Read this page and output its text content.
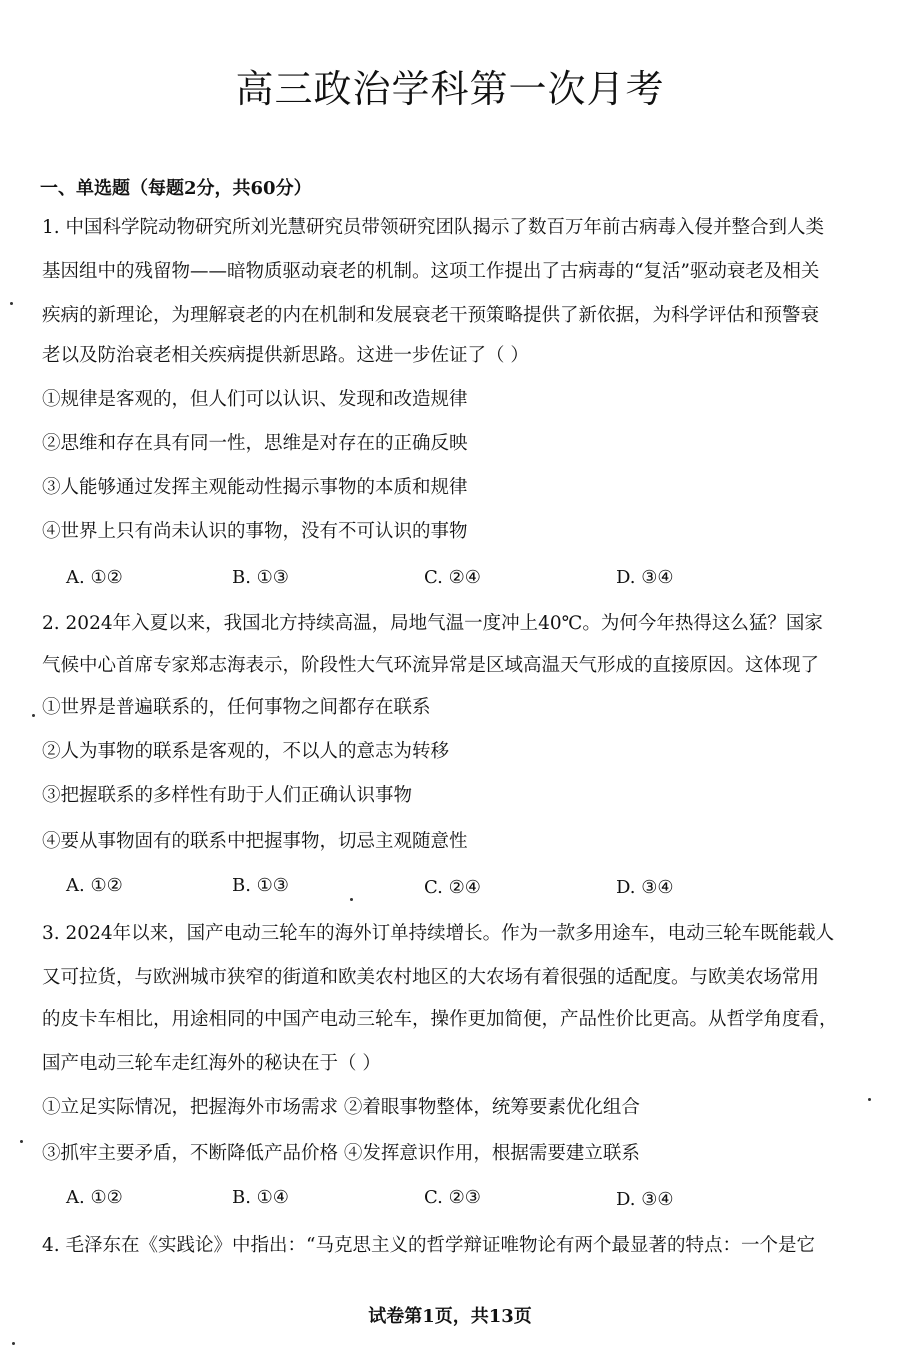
高三政治学科第一次月考
一、单选题（每题2分，共60分）
1. 中国科学院动物研究所刘光慧研究员带领研究团队揭示了数百万年前古病毒入侵并整合到人类
基因组中的残留物——暗物质驱动衰老的机制。这项工作提出了古病毒的“复活”驱动衰老及相关
疾病的新理论，为理解衰老的内在机制和发展衰老干预策略提供了新依据，为科学评估和预警衰
老以及防治衰老相关疾病提供新思路。这进一步佐证了（ ）
①规律是客观的，但人们可以认识、发现和改造规律
②思维和存在具有同一性，思维是对存在的正确反映
③人能够通过发挥主观能动性揭示事物的本质和规律
④世界上只有尚未认识的事物，没有不可认识的事物
A. ①②	B. ①③	C. ②④	D. ③④
2. 2024年入夏以来，我国北方持续高温，局地气温一度冲上40℃。为何今年热得这么猛？国家
气候中心首席专家郑志海表示，阶段性大气环流异常是区域高温天气形成的直接原因。这体现了
①世界是普遍联系的，任何事物之间都存在联系
②人为事物的联系是客观的，不以人的意志为转移
③把握联系的多样性有助于人们正确认识事物
④要从事物固有的联系中把握事物，切忌主观随意性
A. ①②	B. ①③	C. ②④	D. ③④
3. 2024年以来，国产电动三轮车的海外订单持续增长。作为一款多用途车，电动三轮车既能载人
又可拉货，与欧洲城市狭窄的街道和欧美农村地区的大农场有着很强的适配度。与欧美农场常用
的皮卡车相比，用途相同的中国产电动三轮车，操作更加简便，产品性价比更高。从哲学角度看，
国产电动三轮车走红海外的秘诀在于（ ）
①立足实际情况，把握海外市场需求 ②着眼事物整体，统筹要素优化组合
③抓牢主要矛盾，不断降低产品价格 ④发挥意识作用，根据需要建立联系
A. ①②	B. ①④	C. ②③	D. ③④
4. 毛泽东在《实践论》中指出：“马克思主义的哲学辩证唯物论有两个最显著的特点：一个是它
试卷第1页，共13页
